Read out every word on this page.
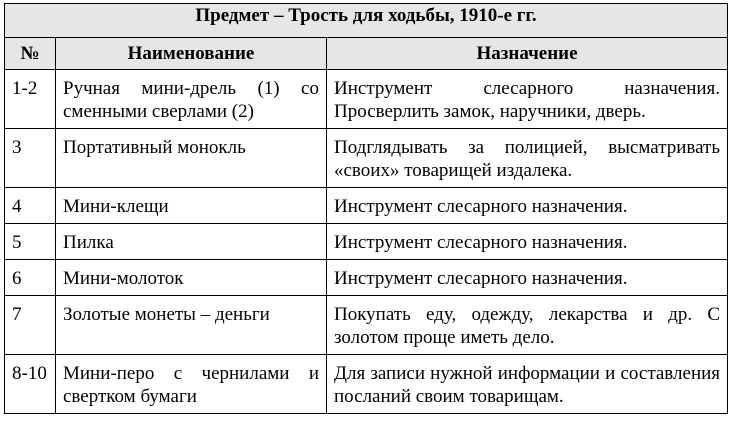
Предмет – Трость для ходьбы, 1910-е гг.		
№	Наименование	Назначение
1-2	Ручная мини-дрель (1) со сменными сверлами (2)	Инструмент слесарного назначения. Просверлить замок, наручники, дверь.
3	Портативный монокль	Подглядывать за полицией, высматривать «своих» товарищей издалека.
4	Мини-клещи	Инструмент слесарного назначения.
5	Пилка	Инструмент слесарного назначения.
6	Мини-молоток	Инструмент слесарного назначения.
7	Золотые монеты – деньги	Покупать еду, одежду, лекарства и др. С золотом проще иметь дело.
8-10	Мини-перо с чернилами и свертком бумаги	Для записи нужной информации и составления посланий своим товарищам.
